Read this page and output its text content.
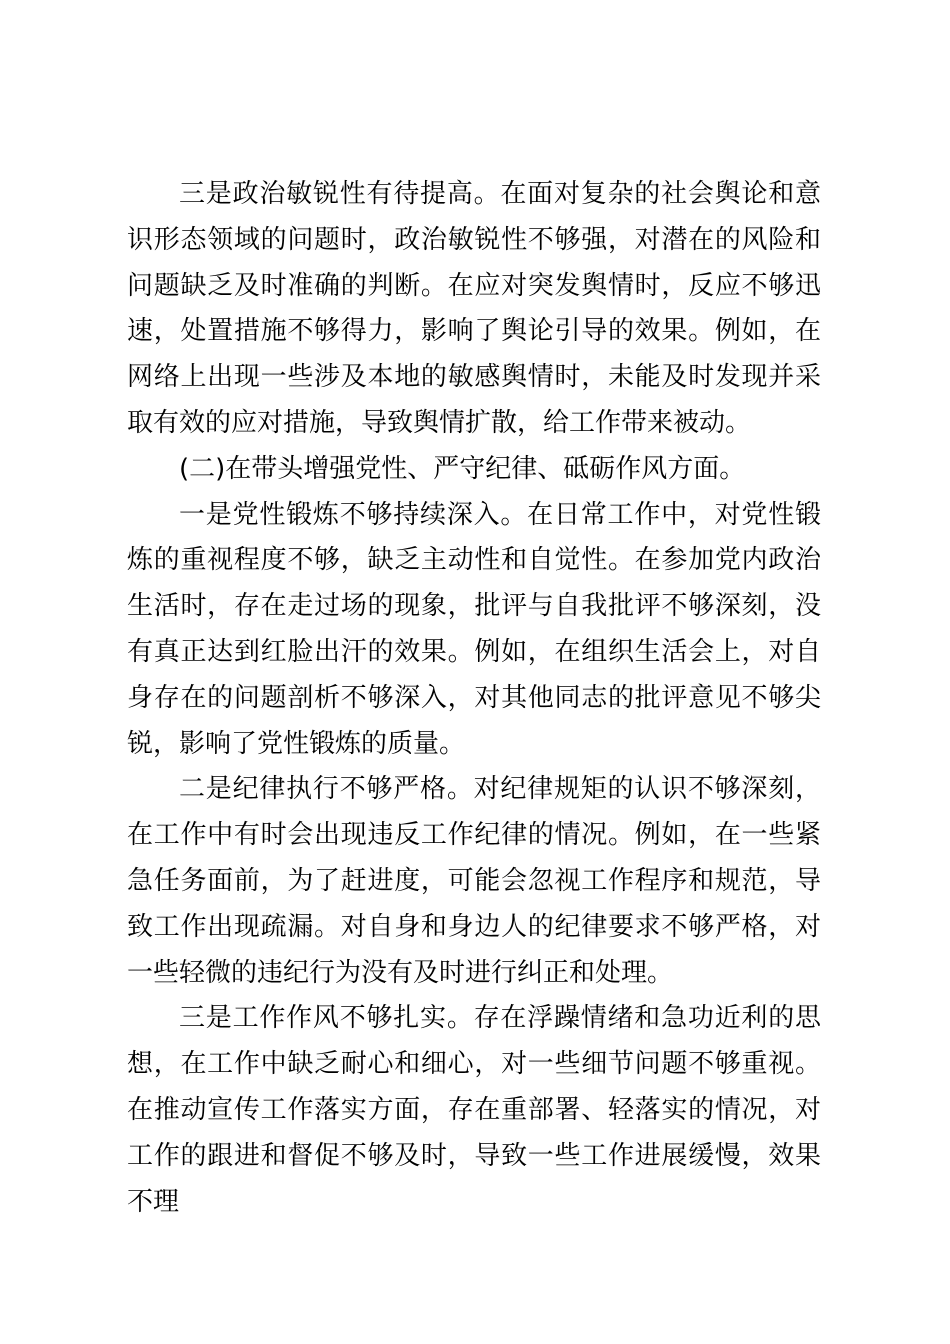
三是政治敏锐性有待提高。在面对复杂的社会舆论和意识形态领域的问题时，政治敏锐性不够强，对潜在的风险和问题缺乏及时准确的判断。在应对突发舆情时，反应不够迅速，处置措施不够得力，影响了舆论引导的效果。例如，在网络上出现一些涉及本地的敏感舆情时，未能及时发现并采取有效的应对措施，导致舆情扩散，给工作带来被动。

(二)在带头增强党性、严守纪律、砥砺作风方面。

一是党性锻炼不够持续深入。在日常工作中，对党性锻炼的重视程度不够，缺乏主动性和自觉性。在参加党内政治生活时，存在走过场的现象，批评与自我批评不够深刻，没有真正达到红脸出汗的效果。例如，在组织生活会上，对自身存在的问题剖析不够深入，对其他同志的批评意见不够尖锐，影响了党性锻炼的质量。

二是纪律执行不够严格。对纪律规矩的认识不够深刻，在工作中有时会出现违反工作纪律的情况。例如，在一些紧急任务面前，为了赶进度，可能会忽视工作程序和规范，导致工作出现疏漏。对自身和身边人的纪律要求不够严格，对一些轻微的违纪行为没有及时进行纠正和处理。

三是工作作风不够扎实。存在浮躁情绪和急功近利的思想，在工作中缺乏耐心和细心，对一些细节问题不够重视。在推动宣传工作落实方面，存在重部署、轻落实的情况，对工作的跟进和督促不够及时，导致一些工作进展缓慢，效果不理
